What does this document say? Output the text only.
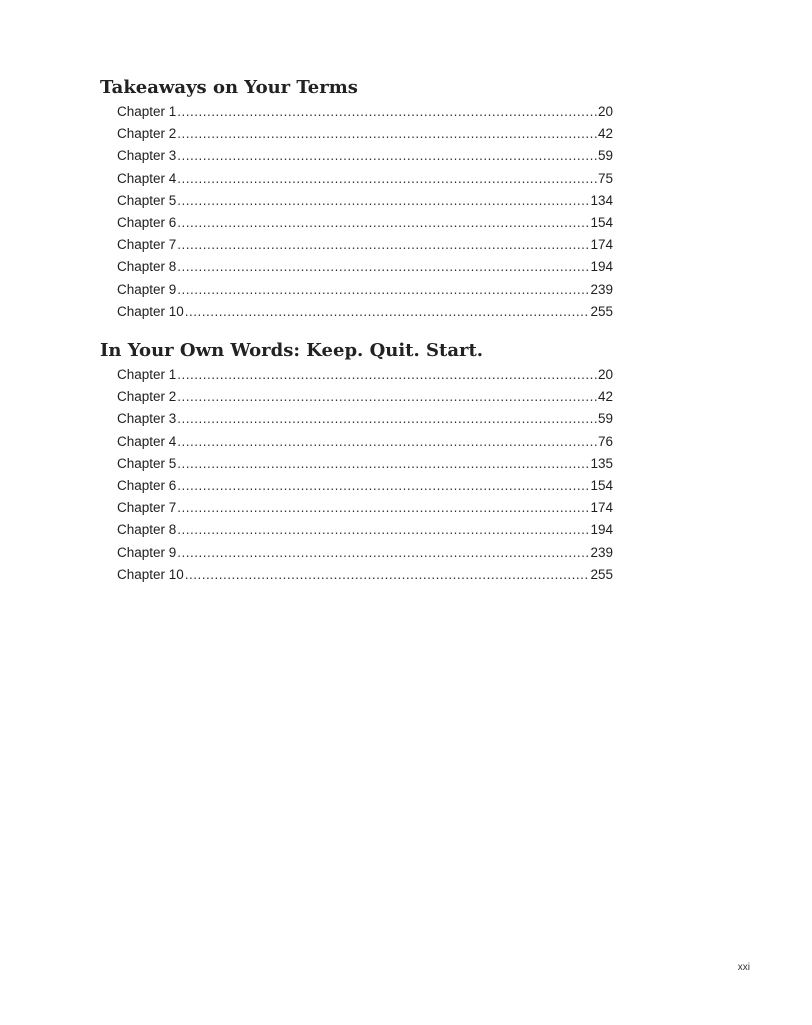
Takeaways on Your Terms
Chapter 1 .....	20
Chapter 2 .....	42
Chapter 3 .....	59
Chapter 4 .....	75
Chapter 5 .....	134
Chapter 6 .....	154
Chapter 7 .....	174
Chapter 8 .....	194
Chapter 9 .....	239
Chapter 10 .....	255
In Your Own Words: Keep. Quit. Start.
Chapter 1 .....	20
Chapter 2 .....	42
Chapter 3 .....	59
Chapter 4 .....	76
Chapter 5 .....	135
Chapter 6 .....	154
Chapter 7 .....	174
Chapter 8 .....	194
Chapter 9 .....	239
Chapter 10 .....	255
xxi
